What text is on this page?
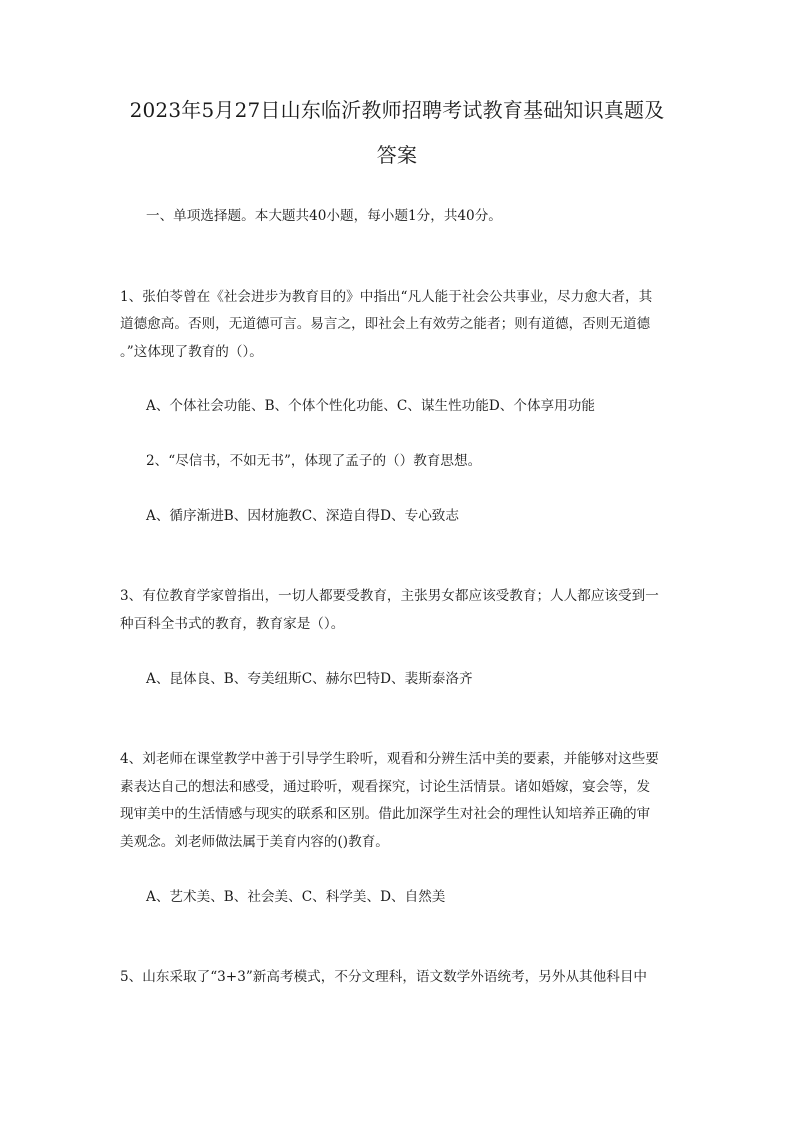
2023年5月27日山东临沂教师招聘考试教育基础知识真题及
答案

一、单项选择题。本大题共40小题，每小题1分，共40分。

1、张伯苓曾在《社会进步为教育目的》中指出“凡人能于社会公共事业，尽力愈大者，其

道德愈高。否则，无道德可言。易言之，即社会上有效劳之能者；则有道德，否则无道德

。”这体现了教育的（）。

A、个体社会功能、B、个体个性化功能、C、谋生性功能D、个体享用功能

2、“尽信书，不如无书”，体现了孟子的（）教育思想。

A、循序渐进B、因材施教C、深造自得D、专心致志

3、有位教育学家曾指出，一切人都要受教育，主张男女都应该受教育；人人都应该受到一

种百科全书式的教育，教育家是（）。

A、昆体良、B、夸美纽斯C、赫尔巴特D、裴斯泰洛齐

4、刘老师在课堂教学中善于引导学生聆听，观看和分辨生活中美的要素，并能够对这些要

素表达自己的想法和感受，通过聆听，观看探究，讨论生活情景。诸如婚嫁，宴会等，发

现审美中的生活情感与现实的联系和区别。借此加深学生对社会的理性认知培养正确的审

美观念。刘老师做法属于美育内容的()教育。

A、艺术美、B、社会美、C、科学美、D、自然美

5、山东采取了“3+3”新高考模式，不分文理科，语文数学外语统考，另外从其他科目中
